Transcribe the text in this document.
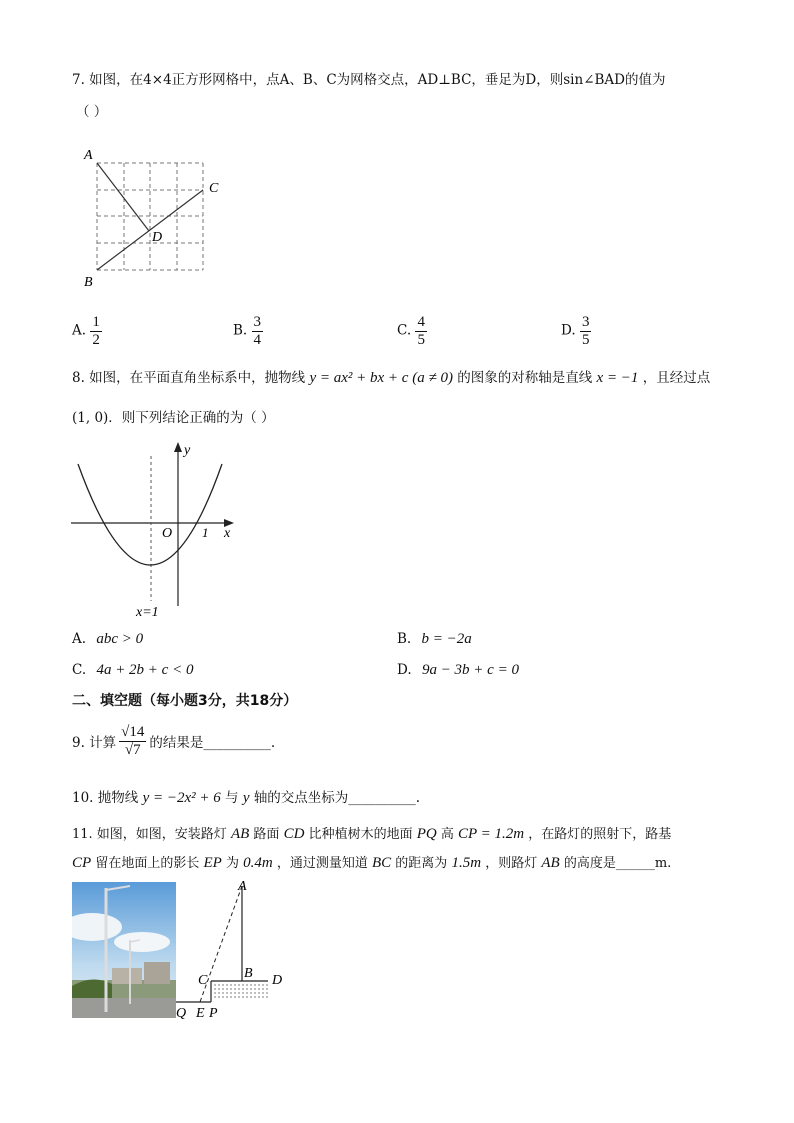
7. 如图，在4×4正方形网格中，点A、B、C为网格交点，AD⊥BC，垂足为D，则sin∠BAD的值为
（ ）
A
B
C
D
A. $\frac{1}{2}$	B. $\frac{3}{4}$	C. $\frac{4}{5}$	D. $\frac{3}{5}$
8. 如图，在平面直角坐标系中，抛物线 y = ax² + bx + c (a ≠ 0) 的图象的对称轴是直线 x = −1 ，且经过点
(1, 0)．则下列结论正确的为（ ）
y
x
O 1
x=1
A. abc > 0	B. b = −2a
C. 4a + 2b + c < 0	D. 9a − 3b + c = 0
二、填空题（每小题3分，共18分）
9. 计算 $\frac{√14}{√7}$ 的结果是__________.
10. 抛物线 y = −2x² + 6 与 y 轴的交点坐标为__________.
11. 如图，如图，安装路灯 AB 路面 CD 比种植树木的地面 PQ 高 CP = 1.2m ，在路灯的照射下，路基
CP 留在地面上的影长 EP 为 0.4m ，通过测量知道 BC 的距离为 1.5m ，则路灯 AB 的高度是______m.
A
B
C	D
Q E P
